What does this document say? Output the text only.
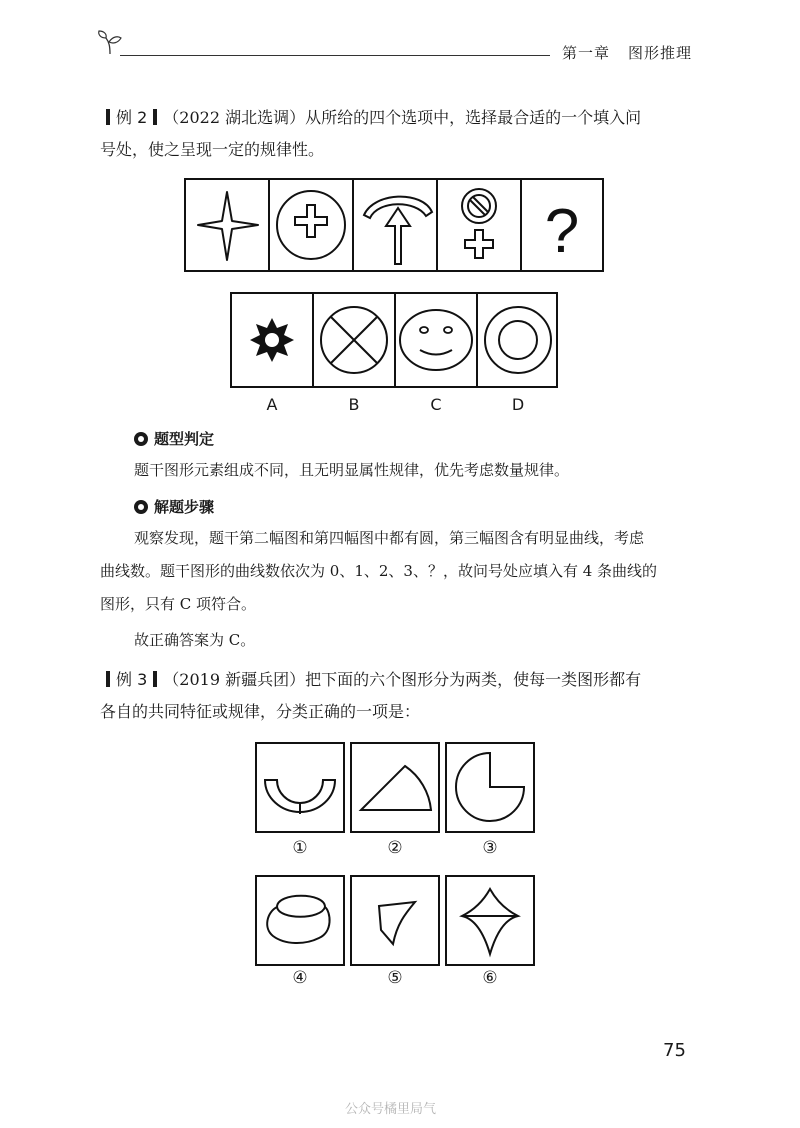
第一章 图形推理
例 2 （2022 湖北选调）从所给的四个选项中，选择最合适的一个填入问
号处，使之呈现一定的规律性。
?
A	B	C	D
题型判定
题干图形元素组成不同，且无明显属性规律，优先考虑数量规律。
解题步骤
观察发现，题干第二幅图和第四幅图中都有圆，第三幅图含有明显曲线，考虑
曲线数。题干图形的曲线数依次为 0、1、2、3、？，故问号处应填入有 4 条曲线的
图形，只有 C 项符合。
故正确答案为 C。
例 3 （2019 新疆兵团）把下面的六个图形分为两类，使每一类图形都有
各自的共同特征或规律，分类正确的一项是：
①	②	③
④	⑤	⑥
75
公众号橘里局气
